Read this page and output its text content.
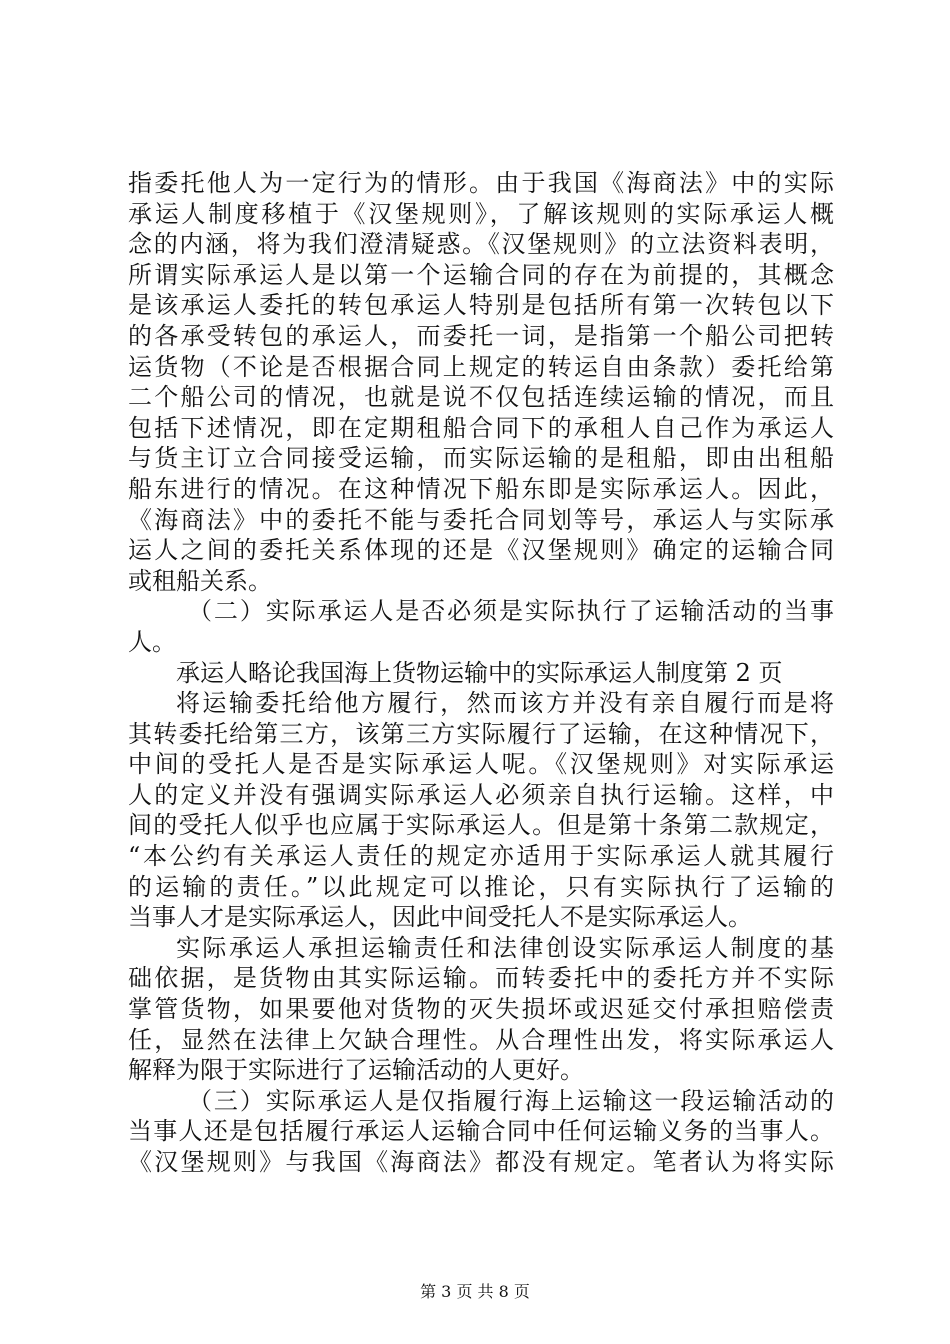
指委托他人为一定行为的情形。由于我国《海商法》中的实际
承运人制度移植于《汉堡规则》，了解该规则的实际承运人概
念的内涵，将为我们澄清疑惑。《汉堡规则》的立法资料表明，
所谓实际承运人是以第一个运输合同的存在为前提的，其概念
是该承运人委托的转包承运人特别是包括所有第一次转包以下
的各承受转包的承运人，而委托一词，是指第一个船公司把转
运货物（不论是否根据合同上规定的转运自由条款）委托给第
二个船公司的情况，也就是说不仅包括连续运输的情况，而且
包括下述情况，即在定期租船合同下的承租人自己作为承运人
与货主订立合同接受运输，而实际运输的是租船，即由出租船
船东进行的情况。在这种情况下船东即是实际承运人。因此，
《海商法》中的委托不能与委托合同划等号，承运人与实际承
运人之间的委托关系体现的还是《汉堡规则》确定的运输合同
或租船关系。
（二）实际承运人是否必须是实际执行了运输活动的当事
人。
承运人略论我国海上货物运输中的实际承运人制度第 2 页
将运输委托给他方履行，然而该方并没有亲自履行而是将
其转委托给第三方，该第三方实际履行了运输，在这种情况下，
中间的受托人是否是实际承运人呢。《汉堡规则》对实际承运
人的定义并没有强调实际承运人必须亲自执行运输。这样，中
间的受托人似乎也应属于实际承运人。但是第十条第二款规定，
“本公约有关承运人责任的规定亦适用于实际承运人就其履行
的运输的责任。”以此规定可以推论，只有实际执行了运输的
当事人才是实际承运人，因此中间受托人不是实际承运人。
实际承运人承担运输责任和法律创设实际承运人制度的基
础依据，是货物由其实际运输。而转委托中的委托方并不实际
掌管货物，如果要他对货物的灭失损坏或迟延交付承担赔偿责
任，显然在法律上欠缺合理性。从合理性出发，将实际承运人
解释为限于实际进行了运输活动的人更好。
（三）实际承运人是仅指履行海上运输这一段运输活动的
当事人还是包括履行承运人运输合同中任何运输义务的当事人。
《汉堡规则》与我国《海商法》都没有规定。笔者认为将实际
第 3 页 共 8 页
